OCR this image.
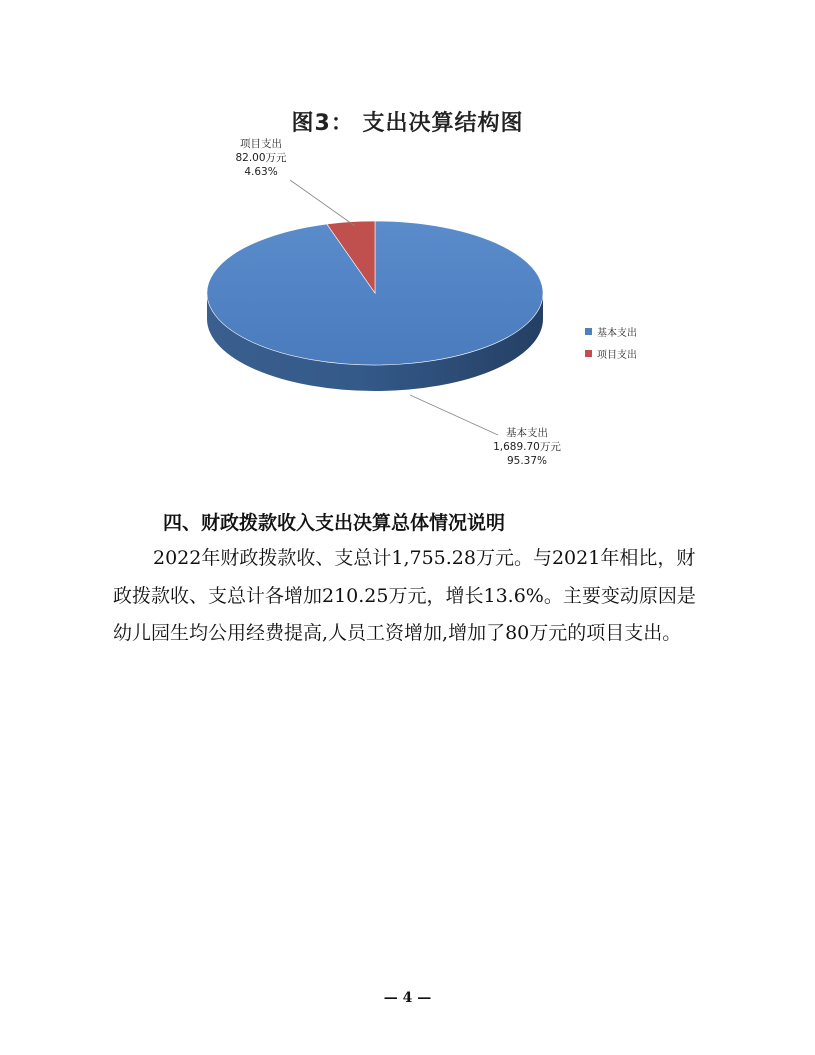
图3： 支出决算结构图
项目支出
82.00万元
4.63%
基本支出
1,689.70万元
95.37%
基本支出
项目支出
四、财政拨款收入支出决算总体情况说明

2022年财政拨款收、支总计1,755.28万元。与2021年相比，财政拨款收、支总计各增加210.25万元，增长13.6%。主要变动原因是幼儿园生均公用经费提高,人员工资增加,增加了80万元的项目支出。

— 4 —
